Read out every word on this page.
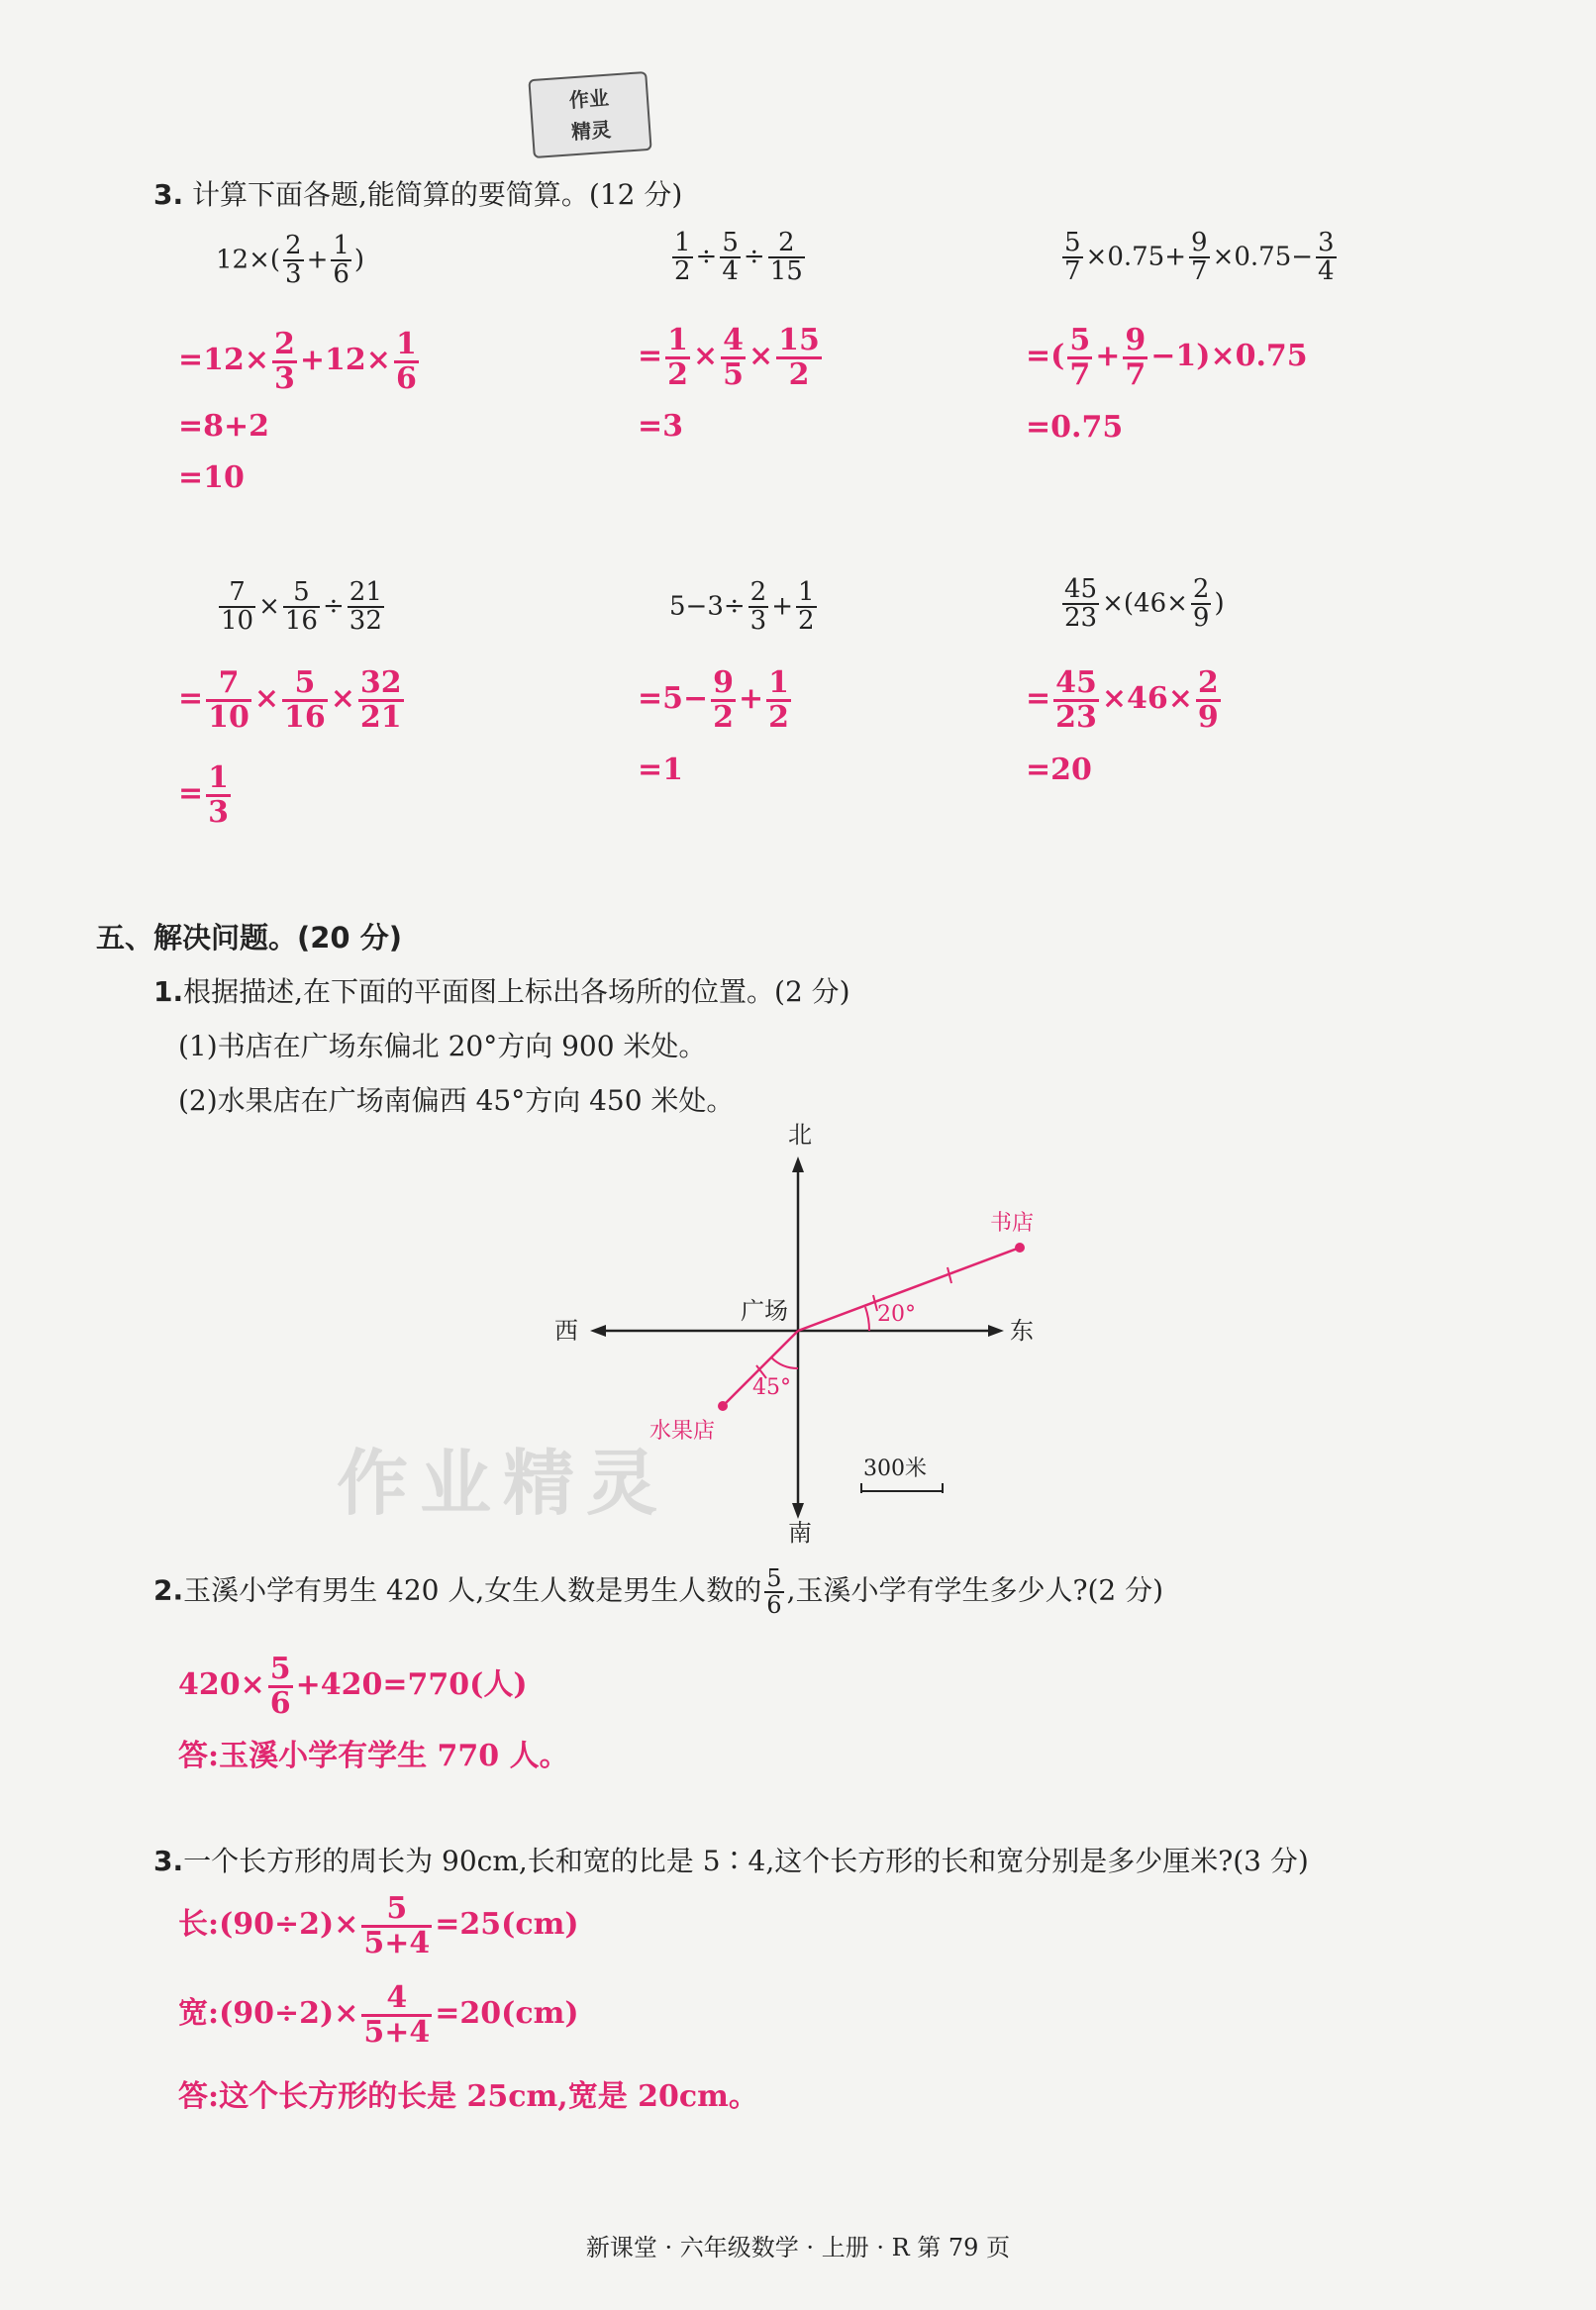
作业
精灵
3. 计算下面各题,能简算的要简算。(12 分)
$12\times( \frac{2}{3} + \frac{1}{6}$ )
$=12\times \frac{2}{3} +12\times \frac{1}{6}$
=8+2
=10
$\frac{1}{2} \div \frac{5}{4} \div \frac{2}{15}$
= $\frac{1}{2} \times \frac{4}{5} \times \frac{15}{2}$
=3
$\frac{5}{7} \times 0.75+ \frac{9}{7} \times 0.75- \frac{3}{4}$
=( $\frac{5}{7} + \frac{9}{7} -1)\times 0.75$
=0.75
$\frac{7}{10} \times \frac{5}{16} \div \frac{21}{32}$
= $\frac{7}{10} \times \frac{5}{16} \times \frac{32}{21}$
= $\frac{1}{3}$
$5-3\div \frac{2}{3} + \frac{1}{2}$
$=5- \frac{9}{2} + \frac{1}{2}$
=1
$\frac{45}{23} \times(46\times \frac{2}{9}$ )
= $\frac{45}{23} \times 46\times \frac{2}{9}$
=20
五、解决问题。(20 分)
1.根据描述,在下面的平面图上标出各场所的位置。(2 分)
(1)书店在广场东偏北 20°方向 900 米处。
(2)水果店在广场南偏西 45°方向 450 米处。
北
南
东
西
广场
书店
水果店
20°
45°
300米
作业精灵
2.玉溪小学有男生 420 人,女生人数是男生人数的 $\frac{5}{6}$ ,玉溪小学有学生多少人?(2 分)
$420\times \frac{5}{6} +420=770$(人)
答:玉溪小学有学生 770 人。
3.一个长方形的周长为 90cm,长和宽的比是 5∶4,这个长方形的长和宽分别是多少厘米?(3 分)
长:(90÷2)× $\frac{5}{5+4} =25(cm)$
宽:(90÷2)× $\frac{4}{5+4} =20(cm)$
答:这个长方形的长是 25cm,宽是 20cm。
新课堂 · 六年级数学 · 上册 · R 第 79 页
